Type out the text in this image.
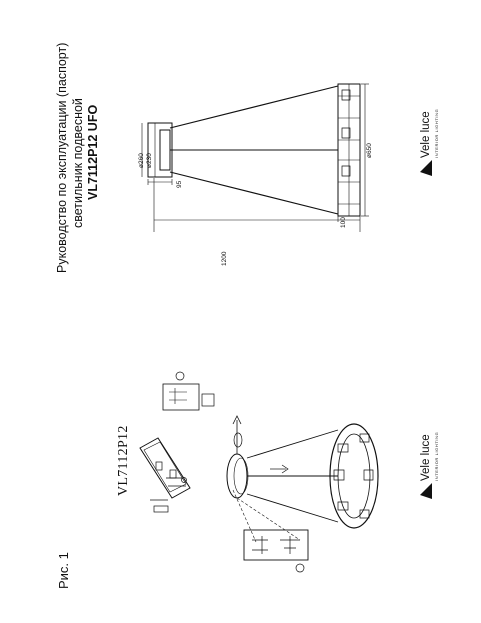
Руководство по эксплуатации (паспорт) светильник подвесной VL7112P12 UFO
Рис. 1
VL7112P12
ø260 ø230
95
1200
ø650
100
Vele luce INTERIOR LIGHTING
Vele luce INTERIOR LIGHTING
